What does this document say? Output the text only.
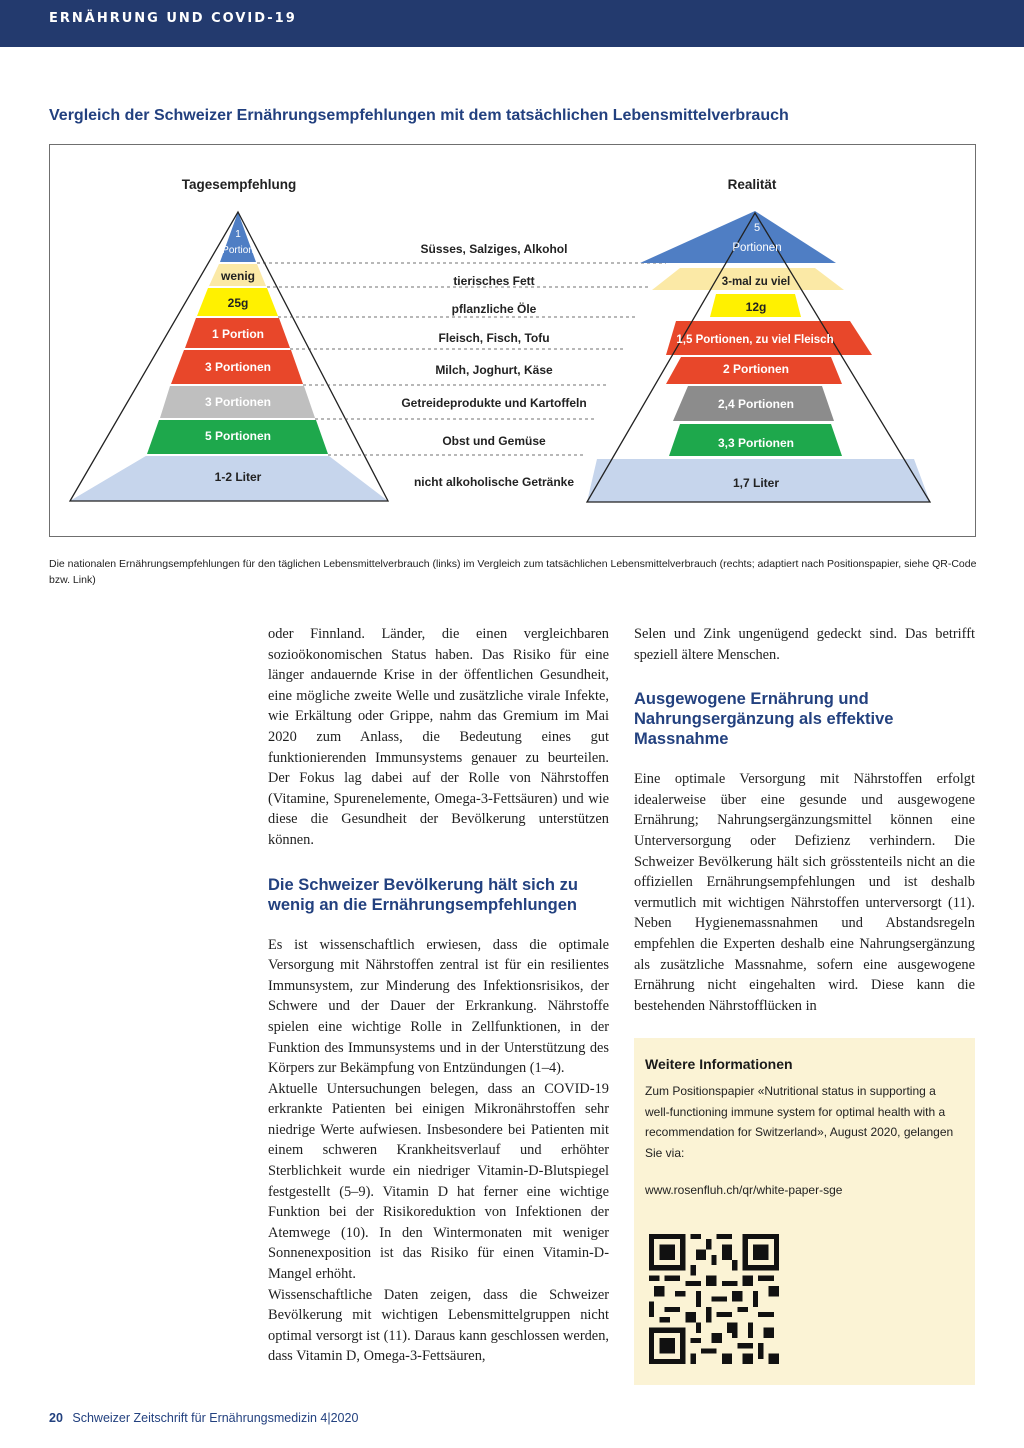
ERNÄHRUNG UND COVID-19
Vergleich der Schweizer Ernährungsempfehlungen mit dem tatsächlichen Lebensmittelverbrauch
Tagesempfehlung	Realität
1
Portion
wenig
25g
1 Portion
3 Portionen
3 Portionen
5 Portionen
1-2 Liter
Süsses, Salziges, Alkohol
tierisches Fett
pflanzliche Öle
Fleisch, Fisch, Tofu
Milch, Joghurt, Käse
Getreideprodukte und Kartoffeln
Obst und Gemüse
nicht alkoholische Getränke
5
Portionen
3-mal zu viel
12g
1,5 Portionen, zu viel Fleisch
2 Portionen
2,4 Portionen
3,3 Portionen
1,7 Liter
Die nationalen Ernährungsempfehlungen für den täglichen Lebensmittelverbrauch (links) im Vergleich zum tatsächlichen Lebensmittelverbrauch (rechts; adaptiert nach Positionspapier, siehe QR-Code bzw. Link)

oder Finnland. Länder, die einen vergleichbaren sozioökonomischen Status haben. Das Risiko für eine länger andauernde Krise in der öffentlichen Gesundheit, eine mögliche zweite Welle und zusätzliche virale Infekte, wie Erkältung oder Grippe, nahm das Gremium im Mai 2020 zum Anlass, die Bedeutung eines gut funktionierenden Immunsystems genauer zu beurteilen. Der Fokus lag dabei auf der Rolle von Nährstoffen (Vitamine, Spurenelemente, Omega-3-Fettsäuren) und wie diese die Gesundheit der Bevölkerung unterstützen können.

Die Schweizer Bevölkerung hält sich zu wenig an die Ernährungsempfehlungen

Es ist wissenschaftlich erwiesen, dass die optimale Versorgung mit Nährstoffen zentral ist für ein resilientes Immunsystem, zur Minderung des Infektionsrisikos, der Schwere und der Dauer der Erkrankung. Nährstoffe spielen eine wichtige Rolle in Zellfunktionen, in der Funktion des Immunsystems und in der Unterstützung des Körpers zur Bekämpfung von Entzündungen (1–4).

Aktuelle Untersuchungen belegen, dass an COVID-19 erkrankte Patienten bei einigen Mikronährstoffen sehr niedrige Werte aufwiesen. Insbesondere bei Patienten mit einem schweren Krankheitsverlauf und erhöhter Sterblichkeit wurde ein niedriger Vitamin-D-Blutspiegel festgestellt (5–9). Vitamin D hat ferner eine wichtige Funktion bei der Risikoreduktion von Infektionen der Atemwege (10). In den Wintermonaten mit weniger Sonnenexposition ist das Risiko für einen Vitamin-D-Mangel erhöht.

Wissenschaftliche Daten zeigen, dass die Schweizer Bevölkerung mit wichtigen Lebensmittelgruppen nicht optimal versorgt ist (11). Daraus kann geschlossen werden, dass Vitamin D, Omega-3-Fettsäuren,

Selen und Zink ungenügend gedeckt sind. Das betrifft speziell ältere Menschen.

Ausgewogene Ernährung und Nahrungsergänzung als effektive Massnahme

Eine optimale Versorgung mit Nährstoffen erfolgt idealerweise über eine gesunde und ausgewogene Ernährung; Nahrungsergänzungsmittel können eine Unterversorgung oder Defizienz verhindern. Die Schweizer Bevölkerung hält sich grösstenteils nicht an die offiziellen Ernährungsempfehlungen und ist deshalb vermutlich mit wichtigen Nährstoffen unterversorgt (11). Neben Hygienemassnahmen und Abstandsregeln empfehlen die Experten deshalb eine Nahrungsergänzung als zusätzliche Massnahme, sofern eine ausgewogene Ernährung nicht eingehalten wird. Diese kann die bestehenden Nährstofflücken in

Weitere Informationen
Zum Positionspapier «Nutritional status in supporting a well-functioning immune system for optimal health with a recommendation for Switzerland», August 2020, gelangen Sie via:
www.rosenfluh.ch/qr/white-paper-sge
20 Schweizer Zeitschrift für Ernährungsmedizin 4|2020
